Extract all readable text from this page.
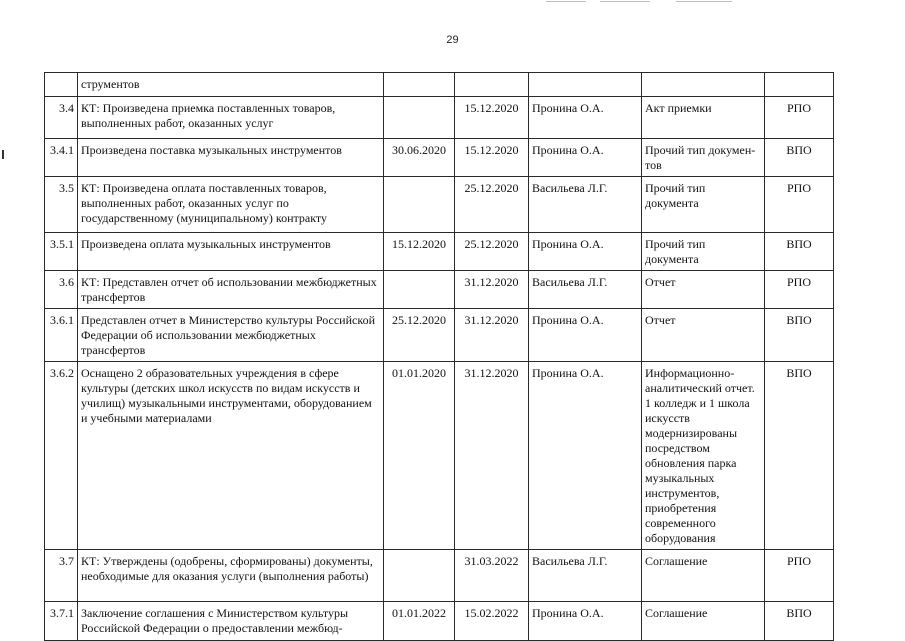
29
	струментов					
3.4	КТ: Произведена приемка поставленных товаров, выполненных работ, оказанных услуг		15.12.2020	Пронина О.А.	Акт приемки	РПО
3.4.1	Произведена поставка музыкальных инструментов	30.06.2020	15.12.2020	Пронина О.А.	Прочий тип докумен-тов	ВПО
3.5	КТ: Произведена оплата поставленных товаров, выполненных работ, оказанных услуг по государственному (муниципальному) контракту		25.12.2020	Васильева Л.Г.	Прочий тип документа	РПО
3.5.1	Произведена оплата музыкальных инструментов	15.12.2020	25.12.2020	Пронина О.А.	Прочий тип документа	ВПО
3.6	КТ: Представлен отчет об использовании межбюджетных трансфертов		31.12.2020	Васильева Л.Г.	Отчет	РПО
3.6.1	Представлен отчет в Министерство культуры Российской Федерации об использовании межбюджетных трансфертов	25.12.2020	31.12.2020	Пронина О.А.	Отчет	ВПО
3.6.2	Оснащено 2 образовательных учреждения в сфере культуры (детских школ искусств по видам искусств и училищ) музыкальными инструментами, оборудованием и учебными материалами	01.01.2020	31.12.2020	Пронина О.А.	Информационно-аналитический отчет. 1 колледж и 1 школа искусств модернизированы посредством обновления парка музыкальных инструментов, приобретения современного оборудования	ВПО
3.7	КТ: Утверждены (одобрены, сформированы) документы, необходимые для оказания услуги (выполнения работы)		31.03.2022	Васильева Л.Г.	Соглашение	РПО
3.7.1	Заключение соглашения с Министерством культуры Российской Федерации о предоставлении межбюд-	01.01.2022	15.02.2022	Пронина О.А.	Соглашение	ВПО
